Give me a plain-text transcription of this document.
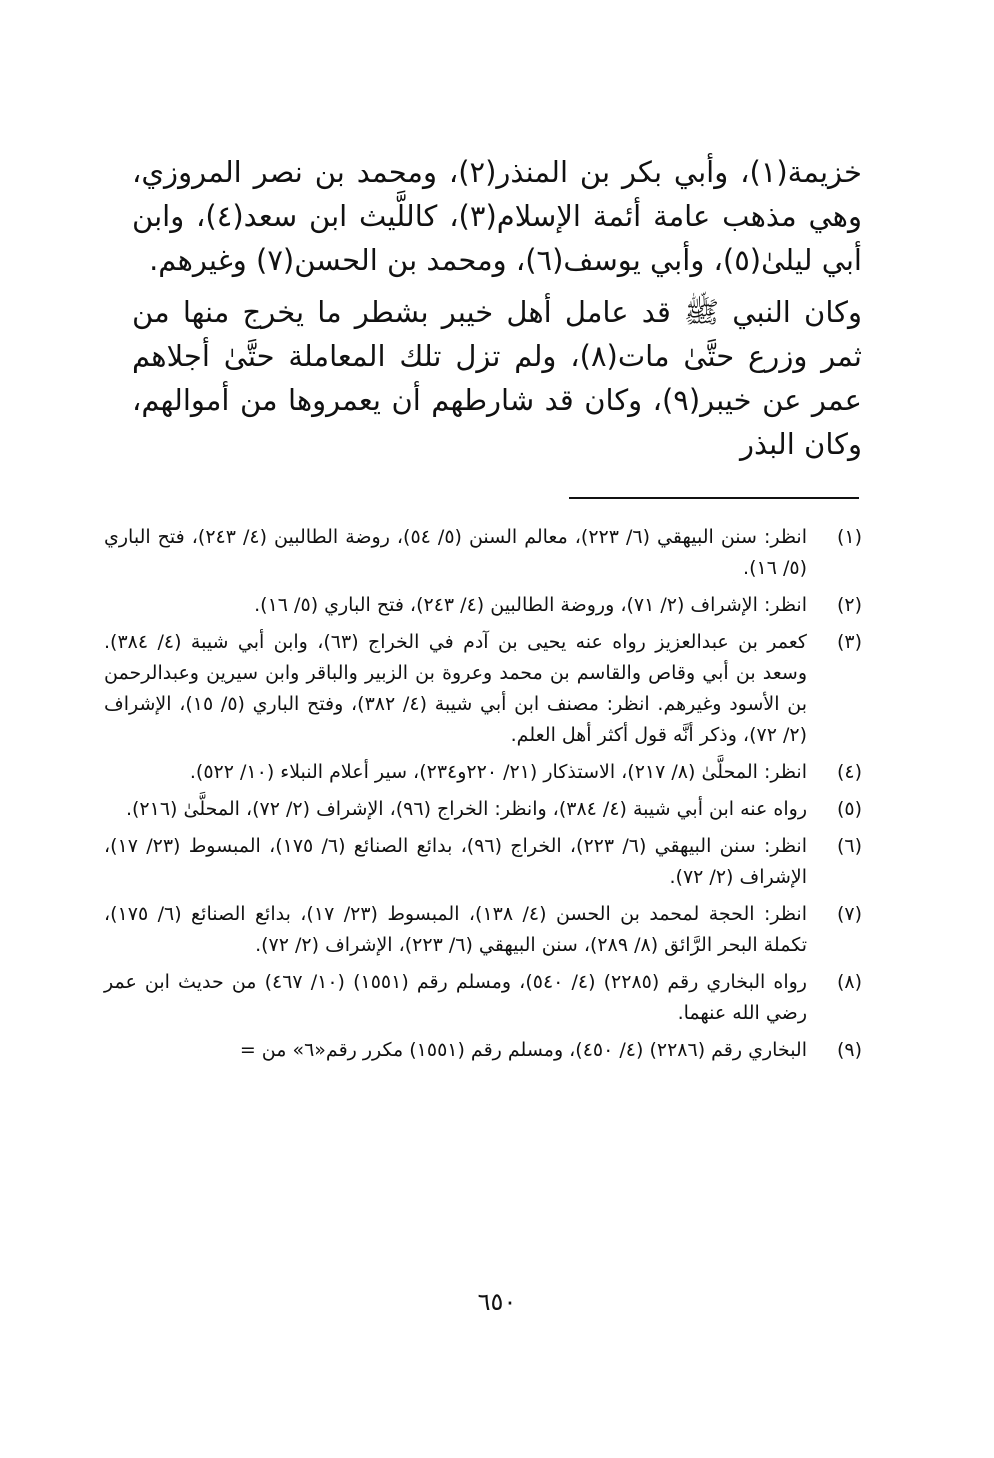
خزيمة(١)، وأبي بكر بن المنذر(٢)، ومحمد بن نصر المروزي، وهي مذهب عامة أئمة الإسلام(٣)، كاللَّيث ابن سعد(٤)، وابن أبي ليلىٰ(٥)، وأبي يوسف(٦)، ومحمد بن الحسن(٧) وغيرهم.

وكان النبي ﷺ قد عامل أهل خيبر بشطر ما يخرج منها من ثمر وزرع حتَّىٰ مات(٨)، ولم تزل تلك المعاملة حتَّىٰ أجلاهم عمر عن خيبر(٩)، وكان قد شارطهم أن يعمروها من أموالهم، وكان البذر

(١)
انظر: سنن البيهقي (٦/ ٢٢٣)، معالم السنن (٥/ ٥٤)، روضة الطالبين (٤/ ٢٤٣)، فتح الباري (٥/ ١٦).
(٢)
انظر: الإشراف (٢/ ٧١)، وروضة الطالبين (٤/ ٢٤٣)، فتح الباري (٥/ ١٦).
(٣)
كعمر بن عبدالعزيز رواه عنه يحيى بن آدم في الخراج (٦٣)، وابن أبي شيبة (٤/ ٣٨٤). وسعد بن أبي وقاص والقاسم بن محمد وعروة بن الزبير والباقر وابن سيرين وعبدالرحمن بن الأسود وغيرهم. انظر: مصنف ابن أبي شيبة (٤/ ٣٨٢)، وفتح الباري (٥/ ١٥)، الإشراف (٢/ ٧٢)، وذكر أنَّه قول أكثر أهل العلم.
(٤)
انظر: المحلَّىٰ (٨/ ٢١٧)، الاستذكار (٢١/ ٢٢٠و٢٣٤)، سير أعلام النبلاء (١٠/ ٥٢٢).
(٥)
رواه عنه ابن أبي شيبة (٤/ ٣٨٤)، وانظر: الخراج (٩٦)، الإشراف (٢/ ٧٢)، المحلَّىٰ (٢١٦).
(٦)
انظر: سنن البيهقي (٦/ ٢٢٣)، الخراج (٩٦)، بدائع الصنائع (٦/ ١٧٥)، المبسوط (٢٣/ ١٧)، الإشراف (٢/ ٧٢).
(٧)
انظر: الحجة لمحمد بن الحسن (٤/ ١٣٨)، المبسوط (٢٣/ ١٧)، بدائع الصنائع (٦/ ١٧٥)، تكملة البحر الرَّائق (٨/ ٢٨٩)، سنن البيهقي (٦/ ٢٢٣)، الإشراف (٢/ ٧٢).
(٨)
رواه البخاري رقم (٢٢٨٥) (٤/ ٥٤٠)، ومسلم رقم (١٥٥١) (١٠/ ٤٦٧) من حديث ابن عمر رضي الله عنهما.
(٩)
البخاري رقم (٢٢٨٦) (٤/ ٤٥٠)، ومسلم رقم (١٥٥١) مكرر رقم«٦» من =
٦٥٠
